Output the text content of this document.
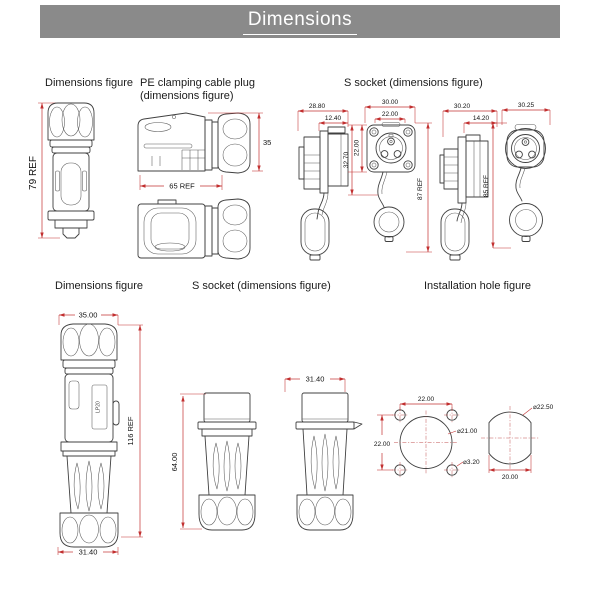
Dimensions
Dimensions figure PE clamping cable plug
(dimensions figure)
S socket (dimensions figure)
Dimensions figure	S socket (dimensions figure)	Installation hole figure
79 REF
35
65 REF
28.80
12.40
30.00
22.00
32.70
22.00
87 REF
30.20
14.20
30.25
85 REF
35.00
116 REF
31.40
LP20
64.00
31.40
22.00
22.00
⌀21.00
⌀3.20
⌀22.50
20.00
